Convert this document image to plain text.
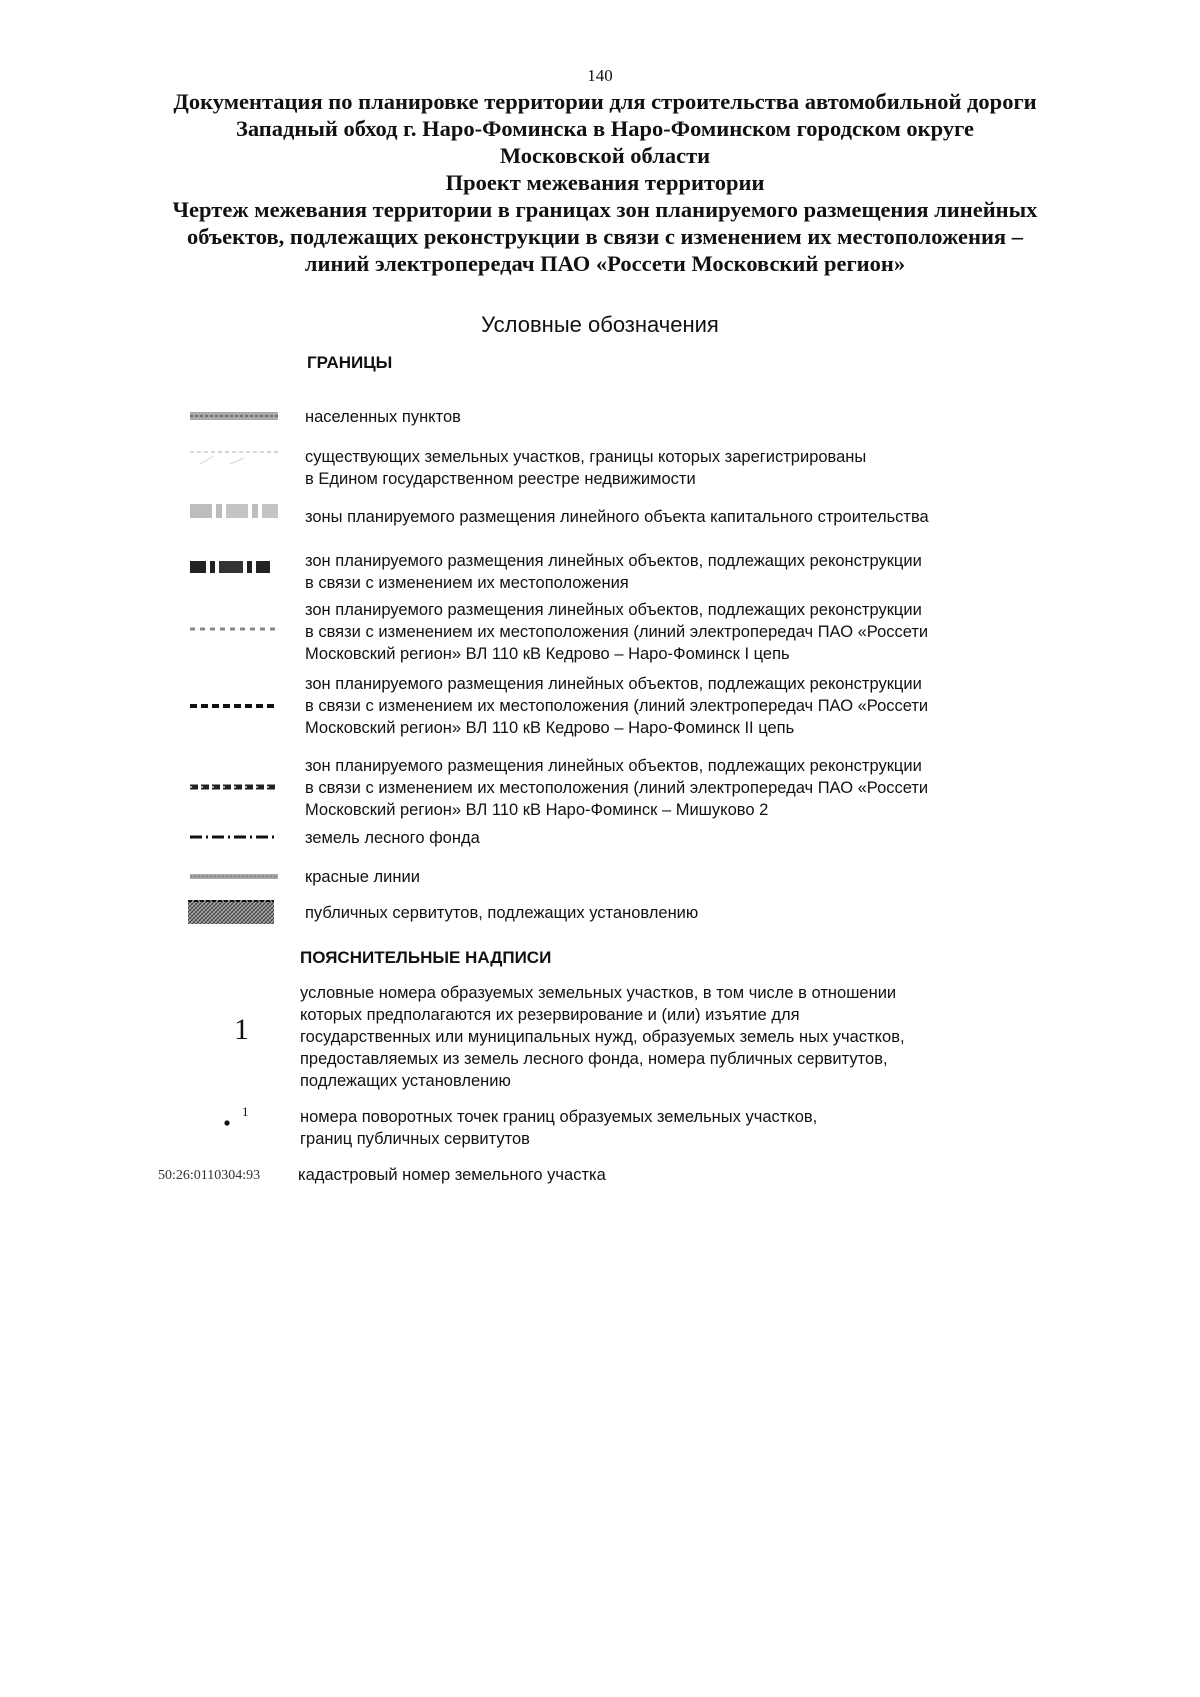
140
Документация по планировке территории для строительства автомобильной дороги
Западный обход г. Наро-Фоминска в Наро-Фоминском городском округе
Московской области
Проект межевания территории
Чертеж межевания территории в границах зон планируемого размещения линейных
объектов, подлежащих реконструкции в связи с изменением их местоположения –
линий электропередач ПАО «Россети Московский регион»
Условные обозначения
ГРАНИЦЫ
населенных пунктов
существующих земельных участков, границы которых зарегистрированы
в Едином государственном реестре недвижимости
зоны планируемого размещения линейного объекта капитального строительства
зон планируемого размещения линейных объектов, подлежащих реконструкции
в связи с изменением их местоположения
зон планируемого размещения линейных объектов, подлежащих реконструкции
в связи с изменением их местоположения (линий электропередач ПАО «Россети
Московский регион» ВЛ 110 кВ Кедрово – Наро-Фоминск I цепь
зон планируемого размещения линейных объектов, подлежащих реконструкции
в связи с изменением их местоположения (линий электропередач ПАО «Россети
Московский регион» ВЛ 110 кВ Кедрово – Наро-Фоминск II цепь
зон планируемого размещения линейных объектов, подлежащих реконструкции
в связи с изменением их местоположения (линий электропередач ПАО «Россети
Московский регион» ВЛ 110 кВ Наро-Фоминск – Мишуково 2
земель лесного фонда
красные линии
публичных сервитутов, подлежащих установлению
ПОЯСНИТЕЛЬНЫЕ НАДПИСИ
1
условные номера образуемых земельных участков, в том числе в отношении
которых предполагаются их резервирование и (или) изъятие для
государственных или муниципальных нужд, образуемых земель ных участков,
предоставляемых из земель лесного фонда, номера публичных сервитутов,
подлежащих установлению
1	номера поворотных точек границ образуемых земельных участков,
границ публичных сервитутов
50:26:0110304:93 кадастровый номер земельного участка
